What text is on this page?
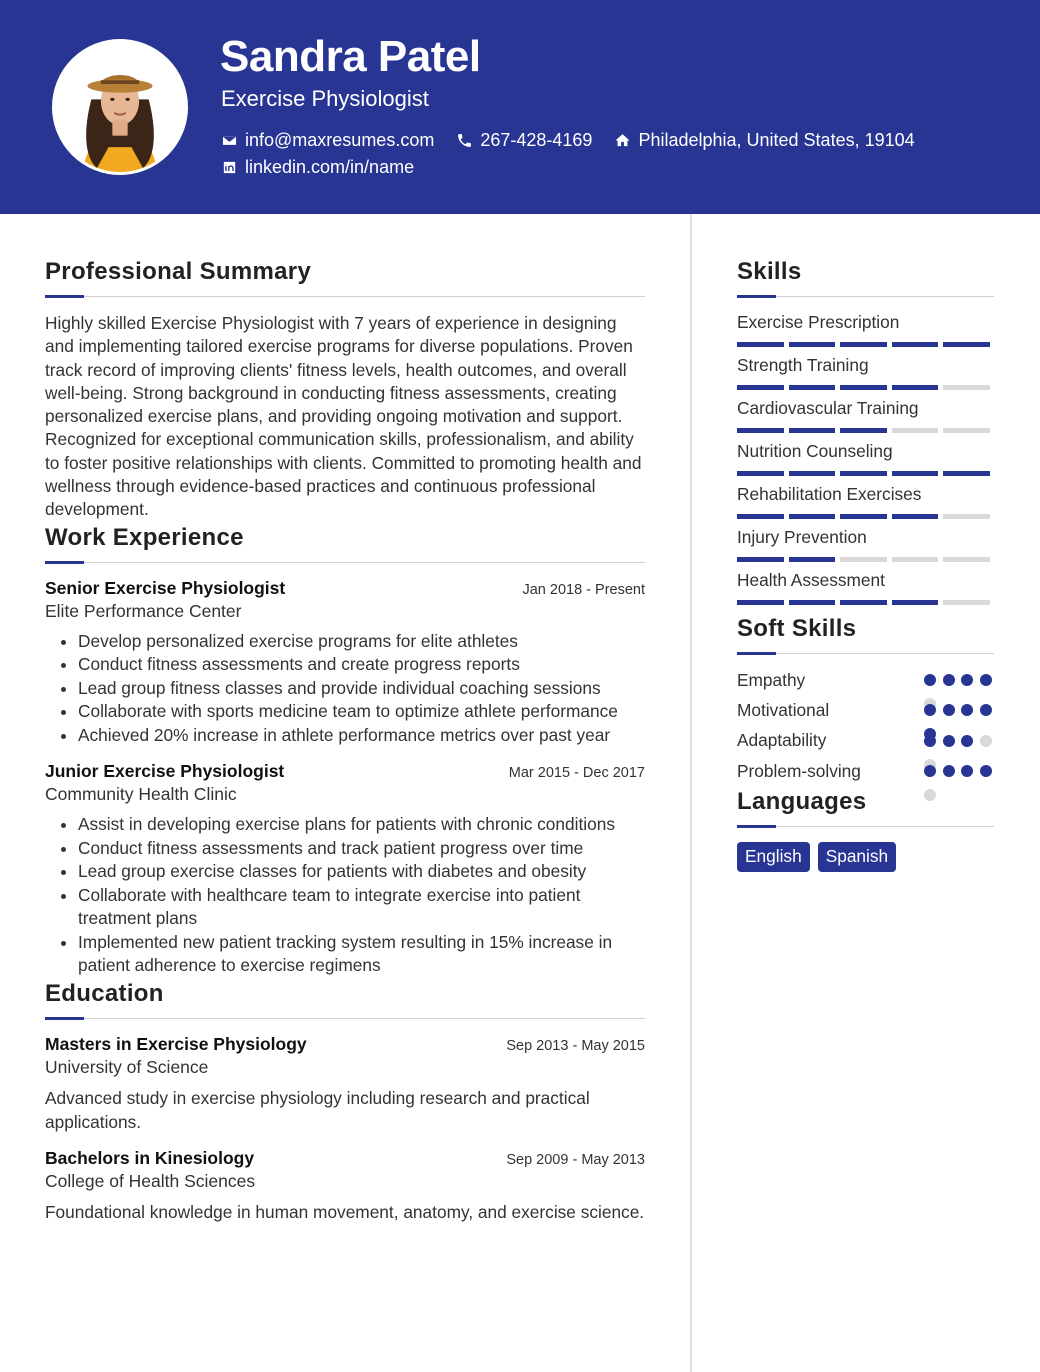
Sandra Patel
Exercise Physiologist
info@maxresumes.com	267-428-4169	Philadelphia, United States, 19104
linkedin.com/in/name
Professional Summary

Highly skilled Exercise Physiologist with 7 years of experience in designing and implementing tailored exercise programs for diverse populations. Proven track record of improving clients' fitness levels, health outcomes, and overall well-being. Strong background in conducting fitness assessments, creating personalized exercise plans, and providing ongoing motivation and support. Recognized for exceptional communication skills, professionalism, and ability to foster positive relationships with clients. Committed to promoting health and wellness through evidence-based practices and continuous professional development.

Work Experience
Senior Exercise Physiologist	Jan 2018 - Present
Elite Performance Center
• Develop personalized exercise programs for elite athletes
• Conduct fitness assessments and create progress reports
• Lead group fitness classes and provide individual coaching sessions
• Collaborate with sports medicine team to optimize athlete performance
• Achieved 20% increase in athlete performance metrics over past year
Junior Exercise Physiologist	Mar 2015 - Dec 2017
Community Health Clinic
• Assist in developing exercise plans for patients with chronic conditions
• Conduct fitness assessments and track patient progress over time
• Lead group exercise classes for patients with diabetes and obesity
• Collaborate with healthcare team to integrate exercise into patient treatment plans
• Implemented new patient tracking system resulting in 15% increase in patient adherence to exercise regimens
Education
Masters in Exercise Physiology	Sep 2013 - May 2015
University of Science

Advanced study in exercise physiology including research and practical applications.

Bachelors in Kinesiology	Sep 2009 - May 2013
College of Health Sciences

Foundational knowledge in human movement, anatomy, and exercise science.

Skills
Exercise Prescription
Strength Training
Cardiovascular Training
Nutrition Counseling
Rehabilitation Exercises
Injury Prevention
Health Assessment
Soft Skills
Empathy
Motivational
Adaptability
Problem-solving
Languages
English	Spanish
